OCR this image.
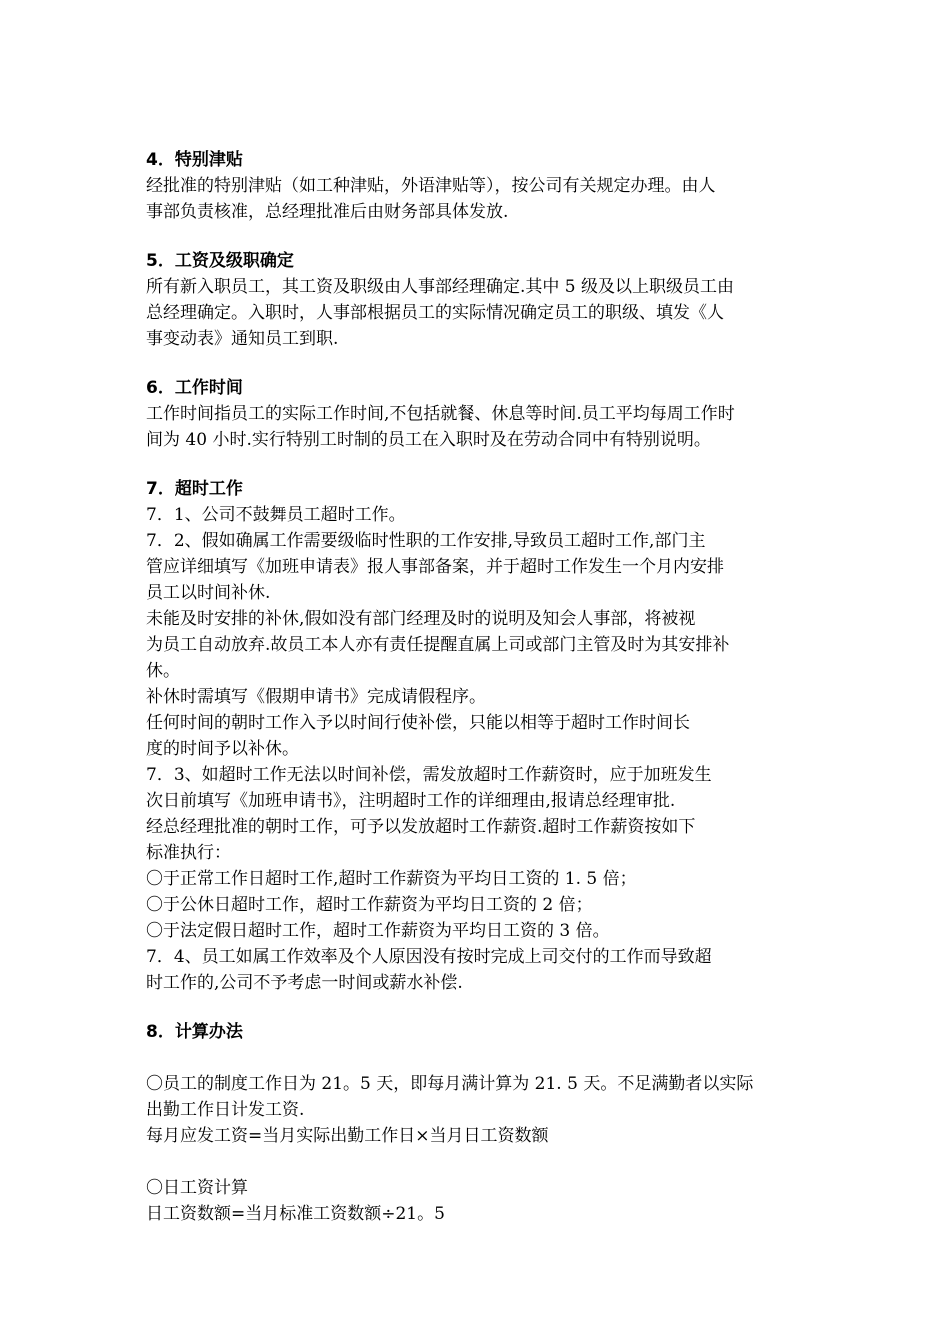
4．特别津贴

经批准的特别津贴（如工种津贴，外语津贴等），按公司有关规定办理。由人
事部负责核准，总经理批准后由财务部具体发放.

5．工资及级职确定

所有新入职员工，其工资及职级由人事部经理确定.其中 5 级及以上职级员工由
总经理确定。入职时，人事部根据员工的实际情况确定员工的职级、填发《人
事变动表》通知员工到职.

6．工作时间

工作时间指员工的实际工作时间,不包括就餐、休息等时间.员工平均每周工作时
间为 40 小时.实行特别工时制的员工在入职时及在劳动合同中有特别说明。

7．超时工作

7．1、公司不鼓舞员工超时工作。
7．2、假如确属工作需要级临时性职的工作安排,导致员工超时工作,部门主
管应详细填写《加班申请表》报人事部备案，并于超时工作发生一个月内安排
员工以时间补休.
未能及时安排的补休,假如没有部门经理及时的说明及知会人事部，将被视
为员工自动放弃.故员工本人亦有责任提醒直属上司或部门主管及时为其安排补
休。
补休时需填写《假期申请书》完成请假程序。
任何时间的朝时工作入予以时间行使补偿，只能以相等于超时工作时间长
度的时间予以补休。
7．3、如超时工作无法以时间补偿，需发放超时工作薪资时，应于加班发生
次日前填写《加班申请书》，注明超时工作的详细理由,报请总经理审批.
经总经理批准的朝时工作，可予以发放超时工作薪资.超时工作薪资按如下
标准执行：
〇于正常工作日超时工作,超时工作薪资为平均日工资的 1. 5 倍；
〇于公休日超时工作，超时工作薪资为平均日工资的 2 倍；
〇于法定假日超时工作，超时工作薪资为平均日工资的 3 倍。
7．4、员工如属工作效率及个人原因没有按时完成上司交付的工作而导致超
时工作的,公司不予考虑一时间或薪水补偿.

8．计算办法

〇员工的制度工作日为 21。5 天，即每月满计算为 21. 5 天。不足满勤者以实际
出勤工作日计发工资.
每月应发工资=当月实际出勤工作日×当月日工资数额
〇日工资计算
日工资数额=当月标准工资数额÷21。5
